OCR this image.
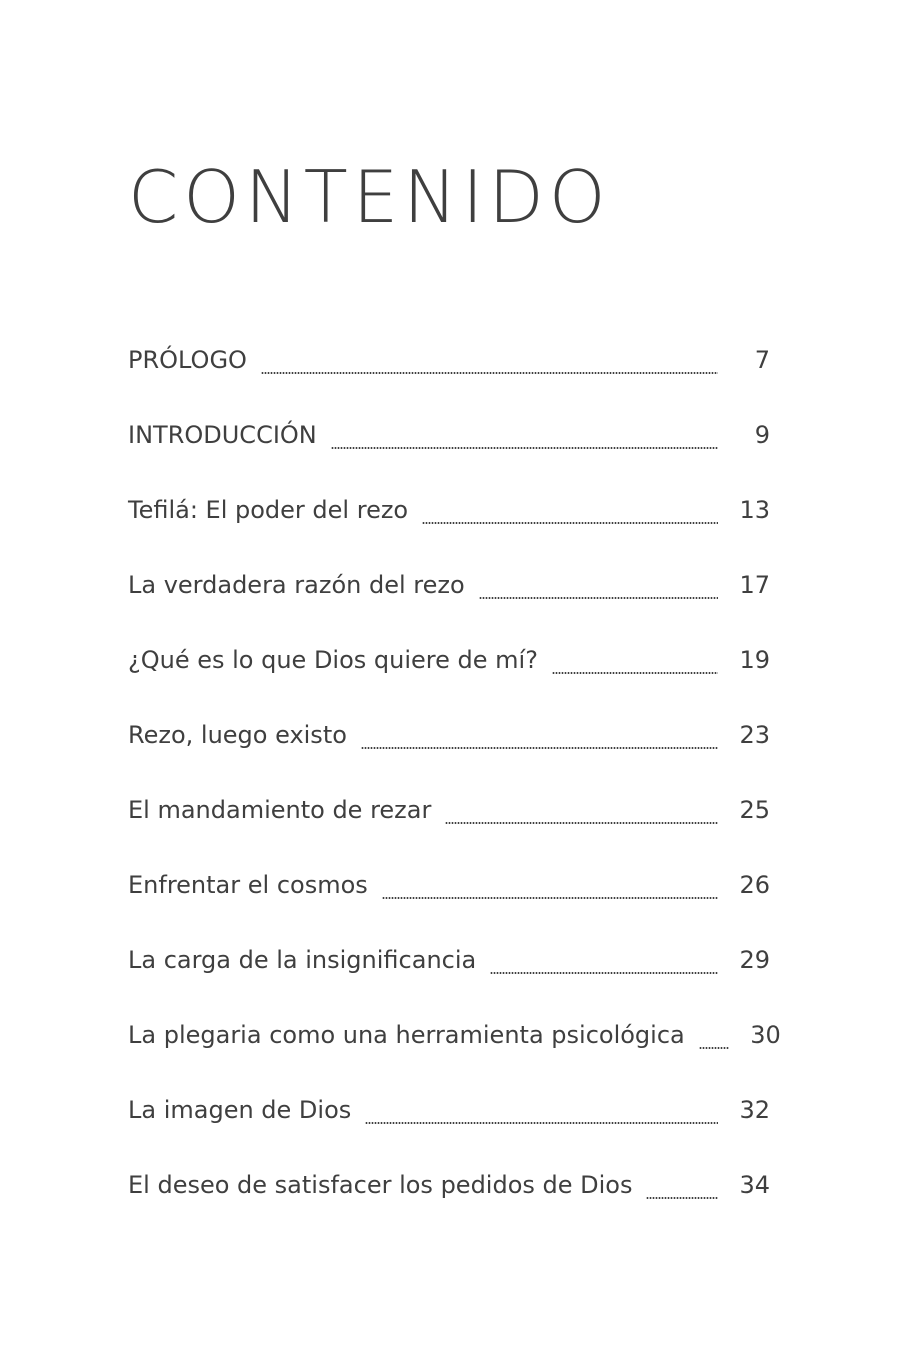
CONTENIDO
PRÓLOGO	7
INTRODUCCIÓN	9
Tefilá: El poder del rezo	13
La verdadera razón del rezo	17
¿Qué es lo que Dios quiere de mí?	19
Rezo, luego existo	23
El mandamiento de rezar	25
Enfrentar el cosmos	26
La carga de la insignificancia	29
La plegaria como una herramienta psicológica	30
La imagen de Dios	32
El deseo de satisfacer los pedidos de Dios	34
